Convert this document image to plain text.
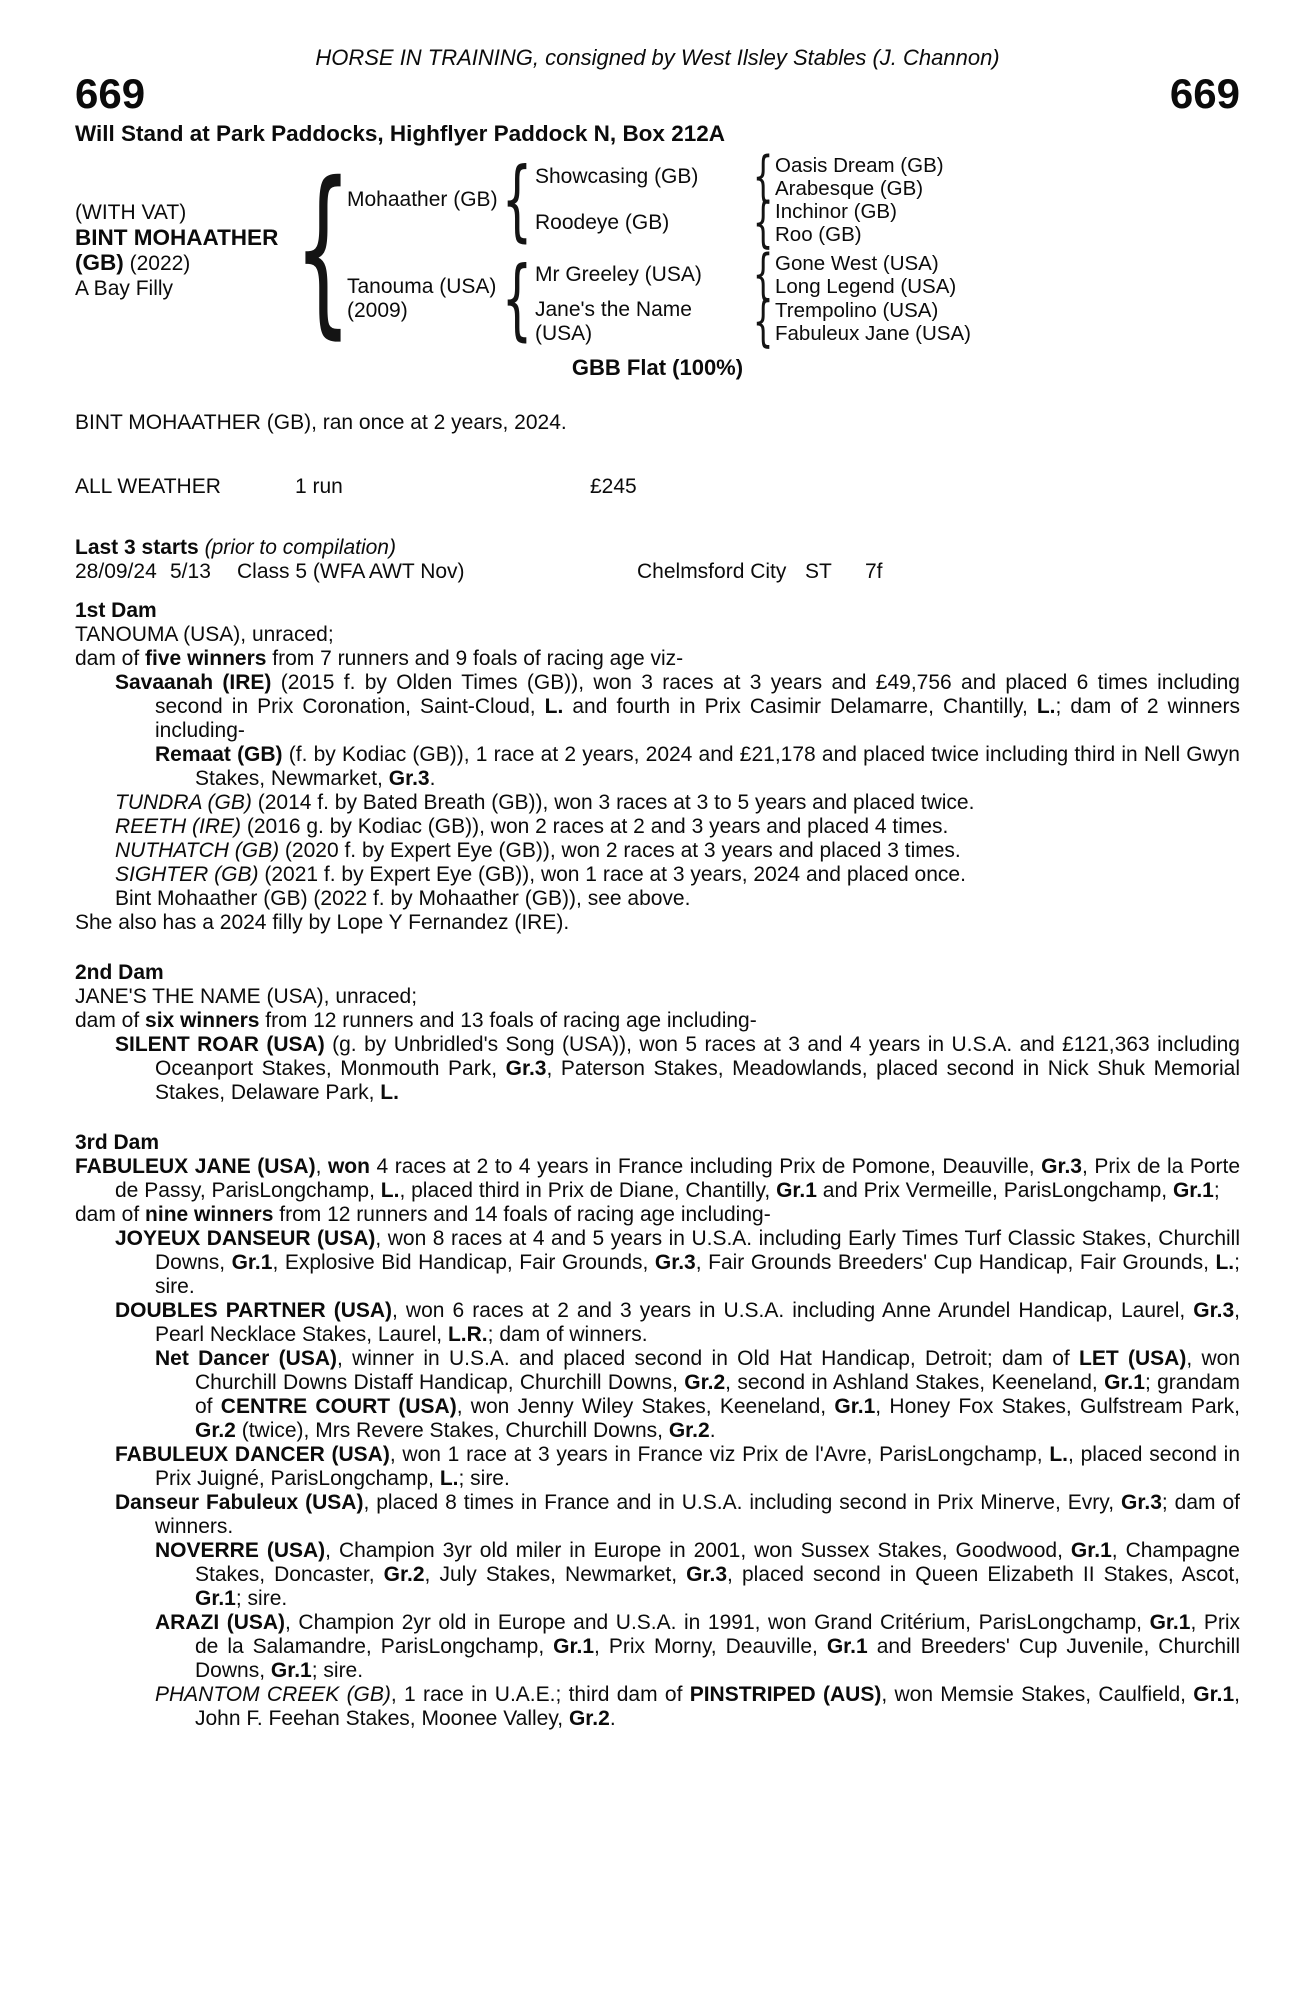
HORSE IN TRAINING, consigned by West Ilsley Stables (J. Channon)
669	669
Will Stand at Park Paddocks, Highflyer Paddock N, Box 212A
(WITH VAT)
BINT MOHAATHER
(GB) (2022)
A Bay Filly {
Mohaather (GB) { Showcasing (GB)	{ Oasis Dream (GB)
Arabesque (GB)
Roodeye (GB)	{ Inchinor (GB)
Roo (GB)
Tanouma (USA)
(2009)	{ Mr Greeley (USA) { Gone West (USA)
Long Legend (USA)
Jane's the Name (USA)	{ Trempolino (USA)
Fabuleux Jane (USA)
GBB Flat (100%)
BINT MOHAATHER (GB), ran once at 2 years, 2024.
ALL WEATHER	1 run	£245
Last 3 starts (prior to compilation)
28/09/24 5/13	Class 5 (WFA AWT Nov)	Chelmsford City ST	7f
1st Dam

TANOUMA (USA), unraced;

dam of five winners from 7 runners and 9 foals of racing age viz-

Savaanah (IRE) (2015 f. by Olden Times (GB)), won 3 races at 3 years and £49,756 and placed 6 times including second in Prix Coronation, Saint-Cloud, L. and fourth in Prix Casimir Delamarre, Chantilly, L.; dam of 2 winners including-

Remaat (GB) (f. by Kodiac (GB)), 1 race at 2 years, 2024 and £21,178 and placed twice including third in Nell Gwyn Stakes, Newmarket, Gr.3.

TUNDRA (GB) (2014 f. by Bated Breath (GB)), won 3 races at 3 to 5 years and placed twice.

REETH (IRE) (2016 g. by Kodiac (GB)), won 2 races at 2 and 3 years and placed 4 times.

NUTHATCH (GB) (2020 f. by Expert Eye (GB)), won 2 races at 3 years and placed 3 times.

SIGHTER (GB) (2021 f. by Expert Eye (GB)), won 1 race at 3 years, 2024 and placed once.

Bint Mohaather (GB) (2022 f. by Mohaather (GB)), see above.

She also has a 2024 filly by Lope Y Fernandez (IRE).

2nd Dam

JANE'S THE NAME (USA), unraced;

dam of six winners from 12 runners and 13 foals of racing age including-

SILENT ROAR (USA) (g. by Unbridled's Song (USA)), won 5 races at 3 and 4 years in U.S.A. and £121,363 including Oceanport Stakes, Monmouth Park, Gr.3, Paterson Stakes, Meadowlands, placed second in Nick Shuk Memorial Stakes, Delaware Park, L.

3rd Dam

FABULEUX JANE (USA), won 4 races at 2 to 4 years in France including Prix de Pomone, Deauville, Gr.3, Prix de la Porte de Passy, ParisLongchamp, L., placed third in Prix de Diane, Chantilly, Gr.1 and Prix Vermeille, ParisLongchamp, Gr.1;

dam of nine winners from 12 runners and 14 foals of racing age including-

JOYEUX DANSEUR (USA), won 8 races at 4 and 5 years in U.S.A. including Early Times Turf Classic Stakes, Churchill Downs, Gr.1, Explosive Bid Handicap, Fair Grounds, Gr.3, Fair Grounds Breeders' Cup Handicap, Fair Grounds, L.; sire.

DOUBLES PARTNER (USA), won 6 races at 2 and 3 years in U.S.A. including Anne Arundel Handicap, Laurel, Gr.3, Pearl Necklace Stakes, Laurel, L.R.; dam of winners.

Net Dancer (USA), winner in U.S.A. and placed second in Old Hat Handicap, Detroit; dam of LET (USA), won Churchill Downs Distaff Handicap, Churchill Downs, Gr.2, second in Ashland Stakes, Keeneland, Gr.1; grandam of CENTRE COURT (USA), won Jenny Wiley Stakes, Keeneland, Gr.1, Honey Fox Stakes, Gulfstream Park, Gr.2 (twice), Mrs Revere Stakes, Churchill Downs, Gr.2.

FABULEUX DANCER (USA), won 1 race at 3 years in France viz Prix de l'Avre, ParisLongchamp, L., placed second in Prix Juigné, ParisLongchamp, L.; sire.

Danseur Fabuleux (USA), placed 8 times in France and in U.S.A. including second in Prix Minerve, Evry, Gr.3; dam of winners.

NOVERRE (USA), Champion 3yr old miler in Europe in 2001, won Sussex Stakes, Goodwood, Gr.1, Champagne Stakes, Doncaster, Gr.2, July Stakes, Newmarket, Gr.3, placed second in Queen Elizabeth II Stakes, Ascot, Gr.1; sire.

ARAZI (USA), Champion 2yr old in Europe and U.S.A. in 1991, won Grand Critérium, ParisLongchamp, Gr.1, Prix de la Salamandre, ParisLongchamp, Gr.1, Prix Morny, Deauville, Gr.1 and Breeders' Cup Juvenile, Churchill Downs, Gr.1; sire.

PHANTOM CREEK (GB), 1 race in U.A.E.; third dam of PINSTRIPED (AUS), won Memsie Stakes, Caulfield, Gr.1, John F. Feehan Stakes, Moonee Valley, Gr.2.
